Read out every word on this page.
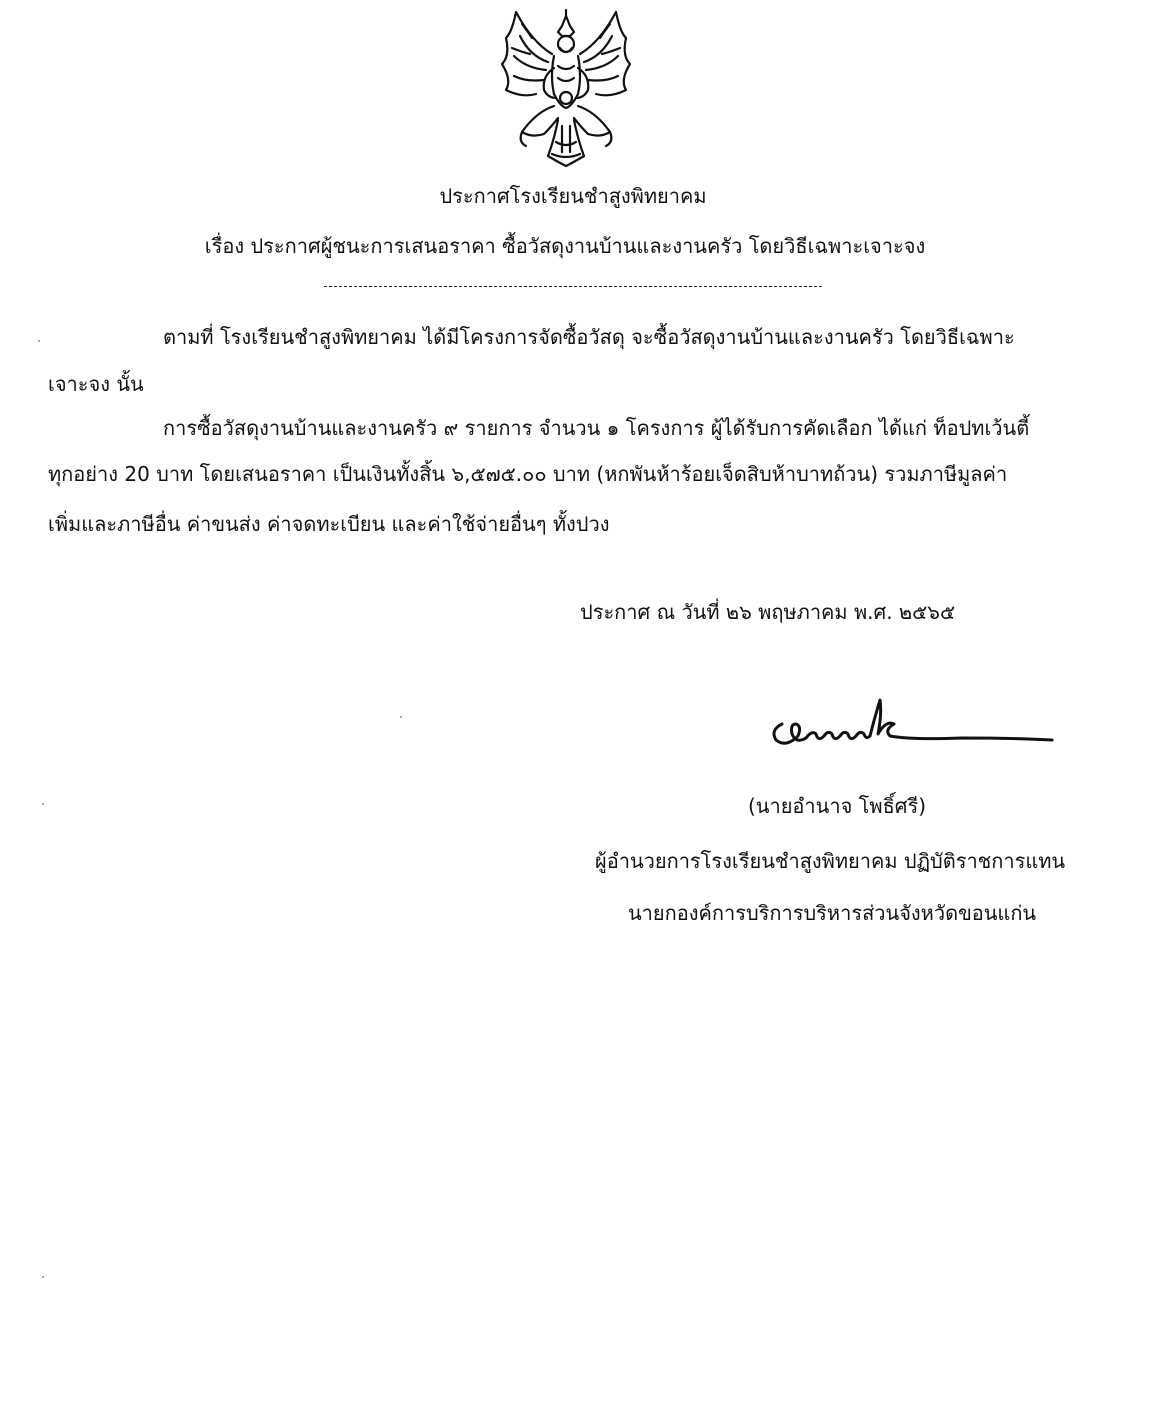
ประกาศโรงเรียนชำสูงพิทยาคม
เรื่อง ประกาศผู้ชนะการเสนอราคา ซื้อวัสดุงานบ้านและงานครัว โดยวิธีเฉพาะเจาะจง
ตามที่ โรงเรียนชำสูงพิทยาคม ได้มีโครงการจัดซื้อวัสดุ จะซื้อวัสดุงานบ้านและงานครัว โดยวิธีเฉพาะ
เจาะจง นั้น
การซื้อวัสดุงานบ้านและงานครัว ๙ รายการ จำนวน ๑ โครงการ ผู้ได้รับการคัดเลือก ได้แก่ ท็อปทเว้นตี้
ทุกอย่าง 20 บาท โดยเสนอราคา เป็นเงินทั้งสิ้น ๖,๕๗๕.๐๐ บาท (หกพันห้าร้อยเจ็ดสิบห้าบาทถ้วน) รวมภาษีมูลค่า
เพิ่มและภาษีอื่น ค่าขนส่ง ค่าจดทะเบียน และค่าใช้จ่ายอื่นๆ ทั้งปวง
ประกาศ ณ วันที่ ๒๖ พฤษภาคม พ.ศ. ๒๕๖๕
(นายอำนาจ โพธิ์ศรี)
ผู้อำนวยการโรงเรียนชำสูงพิทยาคม ปฏิบัติราชการแทน
นายกองค์การบริการบริหารส่วนจังหวัดขอนแก่น
